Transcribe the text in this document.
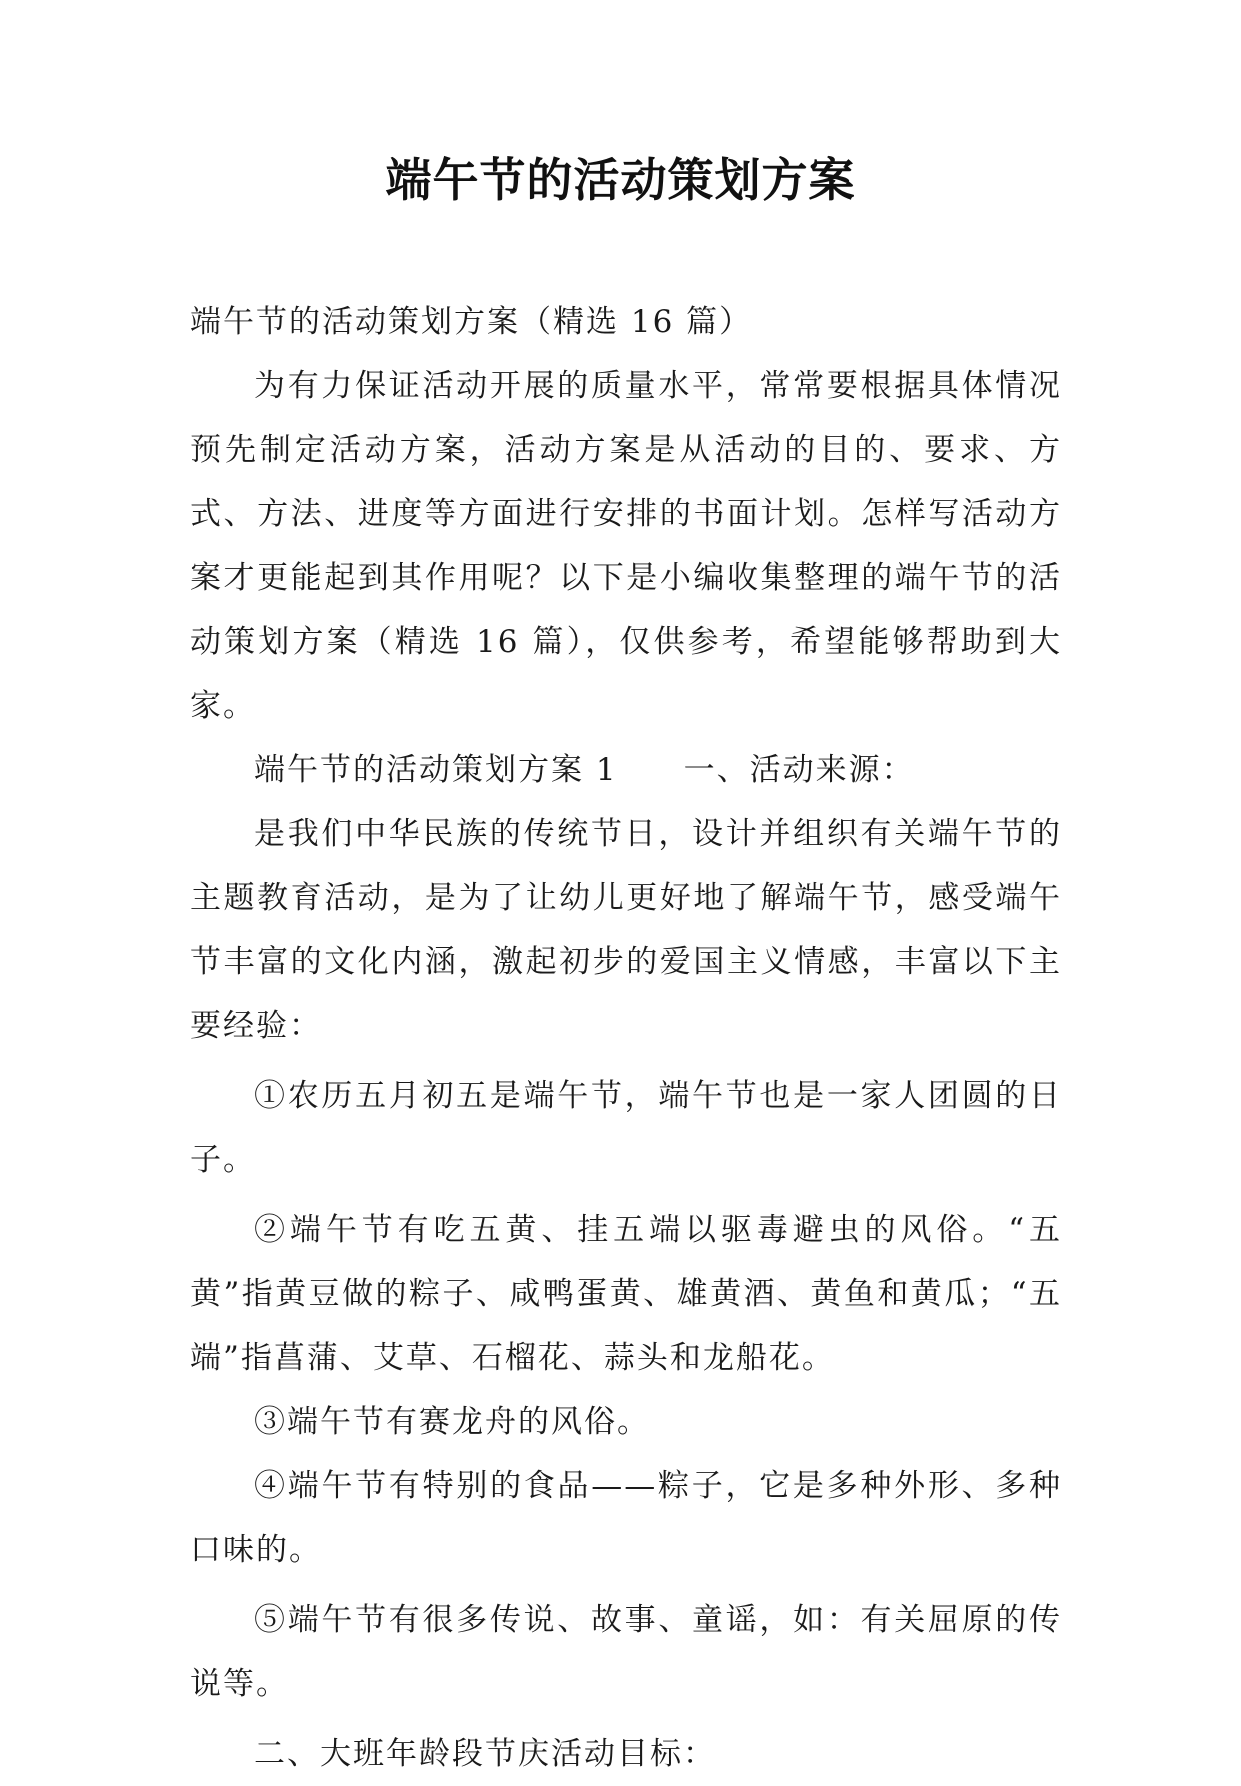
端午节的活动策划方案

端午节的活动策划方案（精选 16 篇）

为有力保证活动开展的质量水平，常常要根据具体情况预先制定活动方案，活动方案是从活动的目的、要求、方式、方法、进度等方面进行安排的书面计划。怎样写活动方案才更能起到其作用呢？以下是小编收集整理的端午节的活动策划方案（精选 16 篇），仅供参考，希望能够帮助到大家。

端午节的活动策划方案 1　　一、活动来源：

是我们中华民族的传统节日，设计并组织有关端午节的主题教育活动，是为了让幼儿更好地了解端午节，感受端午节丰富的文化内涵，激起初步的爱国主义情感，丰富以下主要经验：

①农历五月初五是端午节，端午节也是一家人团圆的日子。

②端午节有吃五黄、挂五端以驱毒避虫的风俗。“五黄”指黄豆做的粽子、咸鸭蛋黄、雄黄酒、黄鱼和黄瓜；“五端”指菖蒲、艾草、石榴花、蒜头和龙船花。

③端午节有赛龙舟的风俗。

④端午节有特别的食品——粽子，它是多种外形、多种口味的。

⑤端午节有很多传说、故事、童谣，如：有关屈原的传说等。

二、大班年龄段节庆活动目标：
